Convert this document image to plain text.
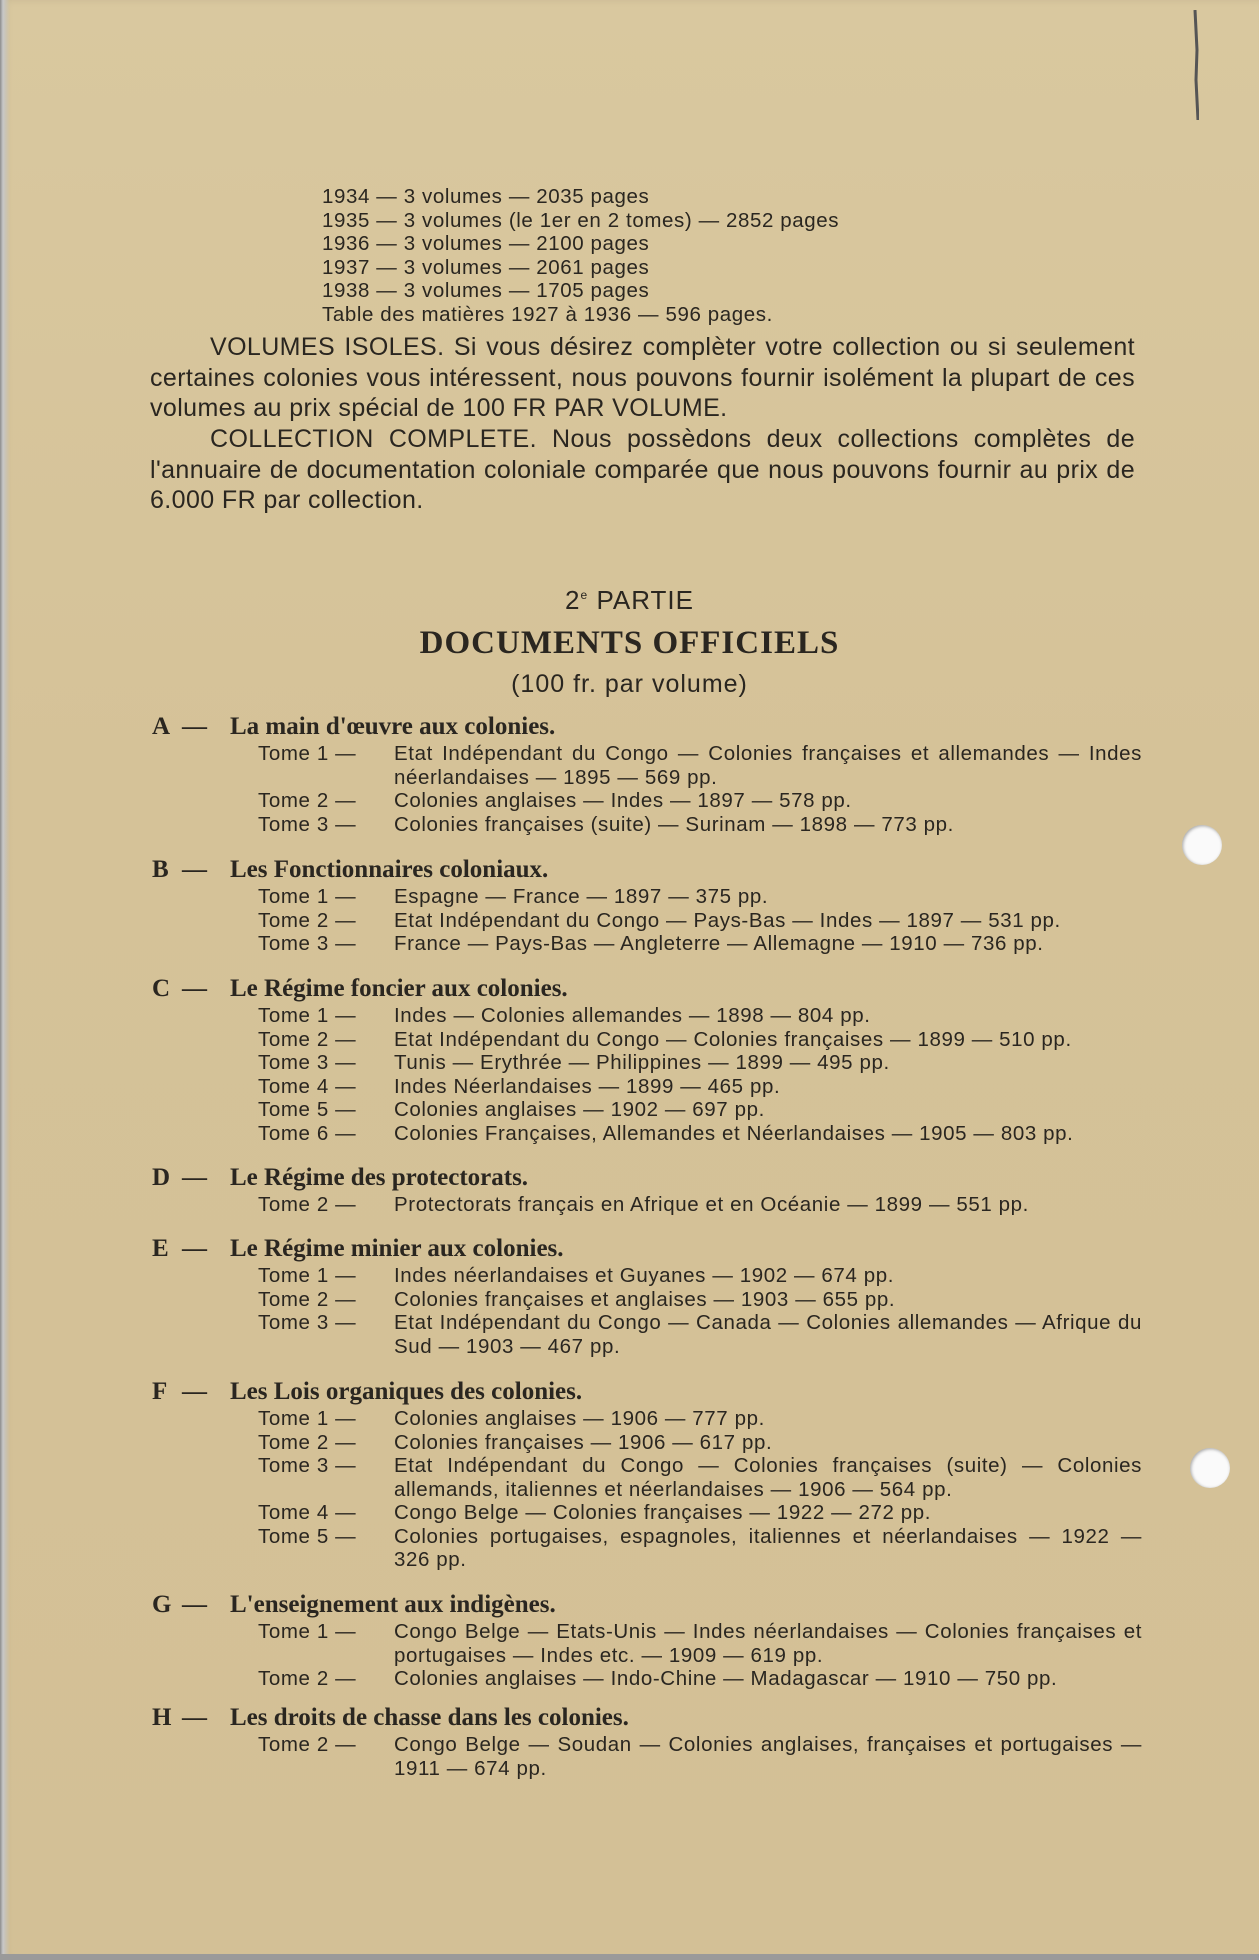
1934 — 3 volumes — 2035 pages
1935 — 3 volumes (le 1er en 2 tomes) — 2852 pages
1936 — 3 volumes — 2100 pages
1937 — 3 volumes — 2061 pages
1938 — 3 volumes — 1705 pages
Table des matières 1927 à 1936 — 596 pages.
VOLUMES ISOLES. Si vous désirez complèter votre collection ou si seulement certaines colonies vous intéressent, nous pouvons fournir isolément la plupart de ces volumes au prix spécial de 100 FR PAR VOLUME.
COLLECTION COMPLETE. Nous possèdons deux collections complètes de l'annuaire de documentation coloniale comparée que nous pouvons fournir au prix de 6.000 FR par collection.
2e PARTIE
DOCUMENTS OFFICIELS
(100 fr. par volume)
A — La main d'œuvre aux colonies.
Tome 1 — Etat Indépendant du Congo — Colonies françaises et allemandes — Indes néerlandaises — 1895 — 569 pp.
Tome 2 — Colonies anglaises — Indes — 1897 — 578 pp.
Tome 3 — Colonies françaises (suite) — Surinam — 1898 — 773 pp.
B — Les Fonctionnaires coloniaux.
Tome 1 — Espagne — France — 1897 — 375 pp.
Tome 2 — Etat Indépendant du Congo — Pays-Bas — Indes — 1897 — 531 pp.
Tome 3 — France — Pays-Bas — Angleterre — Allemagne — 1910 — 736 pp.
C — Le Régime foncier aux colonies.
Tome 1 — Indes — Colonies allemandes — 1898 — 804 pp.
Tome 2 — Etat Indépendant du Congo — Colonies françaises — 1899 — 510 pp.
Tome 3 — Tunis — Erythrée — Philippines — 1899 — 495 pp.
Tome 4 — Indes Néerlandaises — 1899 — 465 pp.
Tome 5 — Colonies anglaises — 1902 — 697 pp.
Tome 6 — Colonies Françaises, Allemandes et Néerlandaises — 1905 — 803 pp.
D — Le Régime des protectorats.
Tome 2 — Protectorats français en Afrique et en Océanie — 1899 — 551 pp.
E — Le Régime minier aux colonies.
Tome 1 — Indes néerlandaises et Guyanes — 1902 — 674 pp.
Tome 2 — Colonies françaises et anglaises — 1903 — 655 pp.
Tome 3 — Etat Indépendant du Congo — Canada — Colonies allemandes — Afrique du Sud — 1903 — 467 pp.
F — Les Lois organiques des colonies.
Tome 1 — Colonies anglaises — 1906 — 777 pp.
Tome 2 — Colonies françaises — 1906 — 617 pp.
Tome 3 — Etat Indépendant du Congo — Colonies françaises (suite) — Colonies allemands, italiennes et néerlandaises — 1906 — 564 pp.
Tome 4 — Congo Belge — Colonies françaises — 1922 — 272 pp.
Tome 5 — Colonies portugaises, espagnoles, italiennes et néerlandaises — 1922 — 326 pp.
G — L'enseignement aux indigènes.
Tome 1 — Congo Belge — Etats-Unis — Indes néerlandaises — Colonies françaises et portugaises — Indes etc. — 1909 — 619 pp.
Tome 2 — Colonies anglaises — Indo-Chine — Madagascar — 1910 — 750 pp.
H — Les droits de chasse dans les colonies.
Tome 2 — Congo Belge — Soudan — Colonies anglaises, françaises et portugaises — 1911 — 674 pp.
